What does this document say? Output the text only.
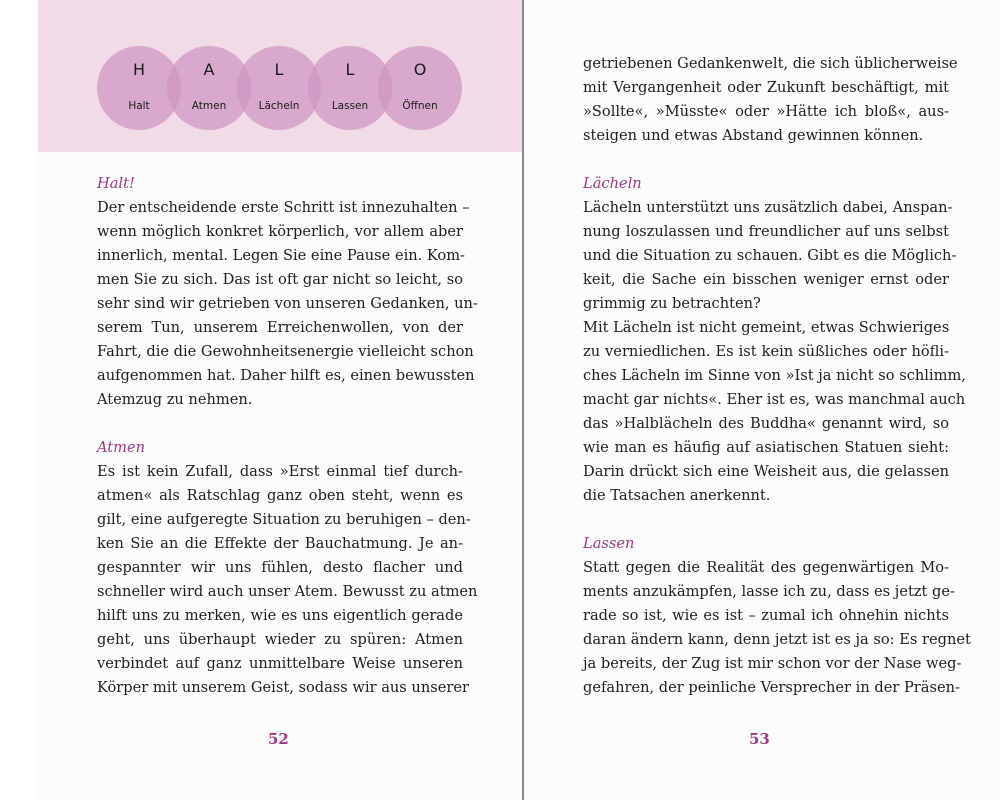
H
Halt
A
Atmen
L
Lächeln
L
Lassen
O
Öffnen
Halt!
Der entscheidende erste Schritt ist innezuhalten –
wenn möglich konkret körperlich, vor allem aber
innerlich, mental. Legen Sie eine Pause ein. Kom-
men Sie zu sich. Das ist oft gar nicht so leicht, so
sehr sind wir getrieben von unseren Gedanken, un-
serem Tun, unserem Erreichenwollen, von der
Fahrt, die die Gewohnheitsenergie vielleicht schon
aufgenommen hat. Daher hilft es, einen bewussten
Atemzug zu nehmen.
Atmen
Es ist kein Zufall, dass »Erst einmal tief durch-
atmen« als Ratschlag ganz oben steht, wenn es
gilt, eine aufgeregte Situation zu beruhigen – den-
ken Sie an die Effekte der Bauchatmung. Je an-
gespannter wir uns fühlen, desto flacher und
schneller wird auch unser Atem. Bewusst zu atmen
hilft uns zu merken, wie es uns eigentlich gerade
geht, uns überhaupt wieder zu spüren: Atmen
verbindet auf ganz unmittelbare Weise unseren
Körper mit unserem Geist, sodass wir aus unserer
getriebenen Gedankenwelt, die sich üblicherweise
mit Vergangenheit oder Zukunft beschäftigt, mit
»Sollte«, »Müsste« oder »Hätte ich bloß«, aus-
steigen und etwas Abstand gewinnen können.
Lächeln
Lächeln unterstützt uns zusätzlich dabei, Anspan-
nung loszulassen und freundlicher auf uns selbst
und die Situation zu schauen. Gibt es die Möglich-
keit, die Sache ein bisschen weniger ernst oder
grimmig zu betrachten?
Mit Lächeln ist nicht gemeint, etwas Schwieriges
zu verniedlichen. Es ist kein süßliches oder höfli-
ches Lächeln im Sinne von »Ist ja nicht so schlimm,
macht gar nichts«. Eher ist es, was manchmal auch
das »Halblächeln des Buddha« genannt wird, so
wie man es häufig auf asiatischen Statuen sieht:
Darin drückt sich eine Weisheit aus, die gelassen
die Tatsachen anerkennt.
Lassen
Statt gegen die Realität des gegenwärtigen Mo-
ments anzukämpfen, lasse ich zu, dass es jetzt ge-
rade so ist, wie es ist – zumal ich ohnehin nichts
daran ändern kann, denn jetzt ist es ja so: Es regnet
ja bereits, der Zug ist mir schon vor der Nase weg-
gefahren, der peinliche Versprecher in der Präsen-
52	53
